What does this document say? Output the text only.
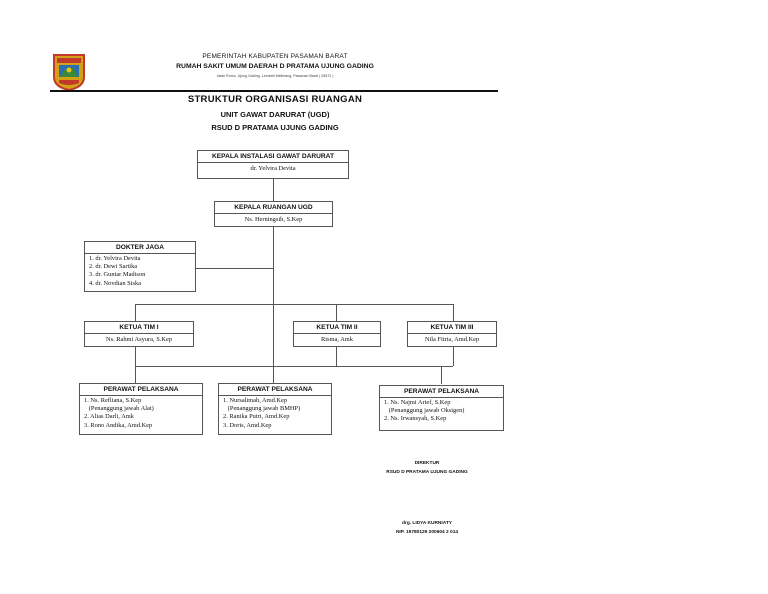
PEMERINTAH KABUPATEN PASAMAN BARAT
RUMAH SAKIT UMUM DAERAH D PRATAMA UJUNG GADING
Jalan Rumo, Ujung Gading, Lembah Melintang, Pasaman Barat ( 26572 )
STRUKTUR ORGANISASI RUANGAN
UNIT GAWAT DARURAT (UGD)
RSUD D PRATAMA UJUNG GADING
KEPALA INSTALASI GAWAT DARURAT
dr. Yelvira Devita
KEPALA RUANGAN UGD
Ns. Herningsih, S.Kep
DOKTER JAGA
1. dr. Yelvira Devita
2. dr. Dewi Sartika
3. dr. Guntar Madison
4. dr. Novdian Siska
KETUA TIM I
Ns. Rahmi Asyura, S.Kep
KETUA TIM II
Risma, Amk
KETUA TIM III
Nila Fitria, Amd.Kep
PERAWAT PELAKSANA
1. Ns. Refliana, S.Kep
(Penanggung jawab Alat)
2. Alias Darli, Amk
3. Rono Andika, Amd.Kep
PERAWAT PELAKSANA
1. Nursalimah, Amd.Kep
(Penanggung jawab BMHP)
2. Ranika Putri, Amd.Kep
3. Doris, Amd.Kep
PERAWAT PELAKSANA
1. Ns. Najmi Arief, S.Kep
(Penanggung jawab Oksigen)
2. Ns. Irwansyah, S.Kep
DIREKTUR
RSUD D PRATAMA UJUNG GADING
drg. LIDYA KURNIATY
NIP. 19780129 200604 2 014
